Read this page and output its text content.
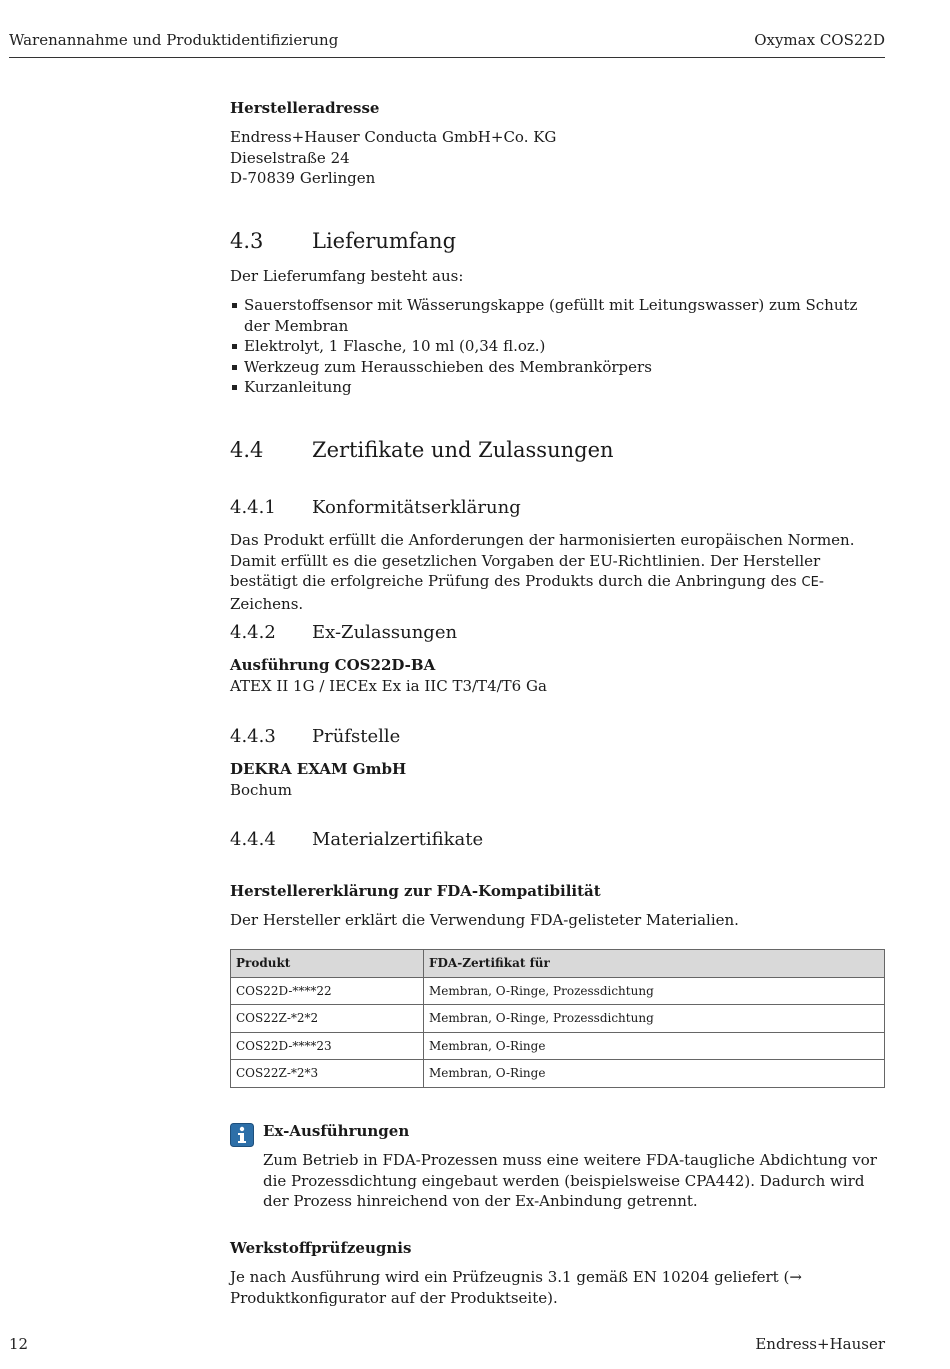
Warenannahme und Produktidentifizierung	Oxymax COS22D
Herstelleradresse
Endress+Hauser Conducta GmbH+Co. KG
Dieselstraße 24
D-70839 Gerlingen
4.3 Lieferumfang
Der Lieferumfang besteht aus:
Sauerstoffsensor mit Wässerungskappe (gefüllt mit Leitungswasser) zum Schutz der Membran
Elektrolyt, 1 Flasche, 10 ml (0,34 fl.oz.)
Werkzeug zum Herausschieben des Membrankörpers
Kurzanleitung
4.4 Zertifikate und Zulassungen
4.4.1 Konformitätserklärung
Das Produkt erfüllt die Anforderungen der harmonisierten europäischen Normen. Damit erfüllt es die gesetzlichen Vorgaben der EU-Richtlinien. Der Hersteller bestätigt die erfolgreiche Prüfung des Produkts durch die Anbringung des CE-Zeichens.
4.4.2 Ex-Zulassungen
Ausführung COS22D-BA
ATEX II 1G / IECEx Ex ia IIC T3/T4/T6 Ga
4.4.3 Prüfstelle
DEKRA EXAM GmbH
Bochum
4.4.4 Materialzertifikate
Herstellererklärung zur FDA-Kompatibilität
Der Hersteller erklärt die Verwendung FDA-gelisteter Materialien.
Produkt	FDA-Zertifikat für
COS22D-****22	Membran, O-Ringe, Prozessdichtung
COS22Z-*2*2	Membran, O-Ringe, Prozessdichtung
COS22D-****23	Membran, O-Ringe
COS22Z-*2*3	Membran, O-Ringe
Ex-Ausführungen
Zum Betrieb in FDA-Prozessen muss eine weitere FDA-taugliche Abdichtung vor die Prozessdichtung eingebaut werden (beispielsweise CPA442). Dadurch wird der Prozess hinreichend von der Ex-Anbindung getrennt.
Werkstoffprüfzeugnis
Je nach Ausführung wird ein Prüfzeugnis 3.1 gemäß EN 10204 geliefert (→ Produktkonfigurator auf der Produktseite).
12	Endress+Hauser
